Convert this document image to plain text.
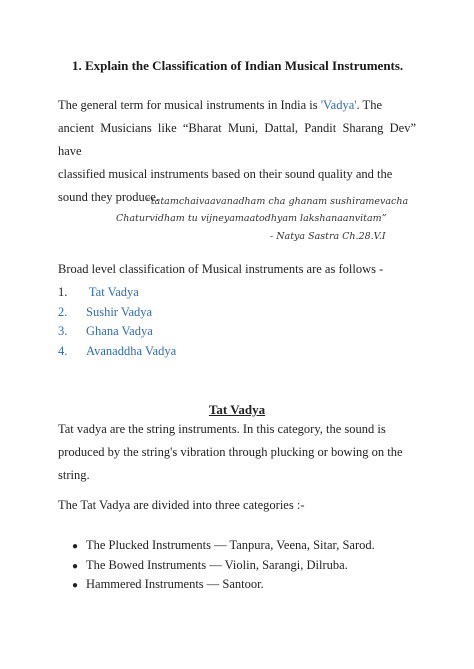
1. Explain the Classification of Indian Musical Instruments.
The general term for musical instruments in India is 'Vadya'. The
ancient Musicians like “Bharat Muni, Dattal, Pandit Sharang Dev” have
classified musical instruments based on their sound quality and the
sound they produce.
“tatamchaivaavanadham cha ghanam sushiramevacha
Chaturvidham tu vijneyamaatodhyam lakshanaanvitam”
- Natya Sastra Ch.28.V.I
Broad level classification of Musical instruments are as follows -
1. Tat Vadya
2. Sushir Vadya
3. Ghana Vadya
4. Avanaddha Vadya
Tat Vadya
Tat vadya are the string instruments. In this category, the sound is
produced by the string's vibration through plucking or bowing on the
string.
The Tat Vadya are divided into three categories :-
● The Plucked Instruments — Tanpura, Veena, Sitar, Sarod.
● The Bowed Instruments — Violin, Sarangi, Dilruba.
● Hammered Instruments — Santoor.
